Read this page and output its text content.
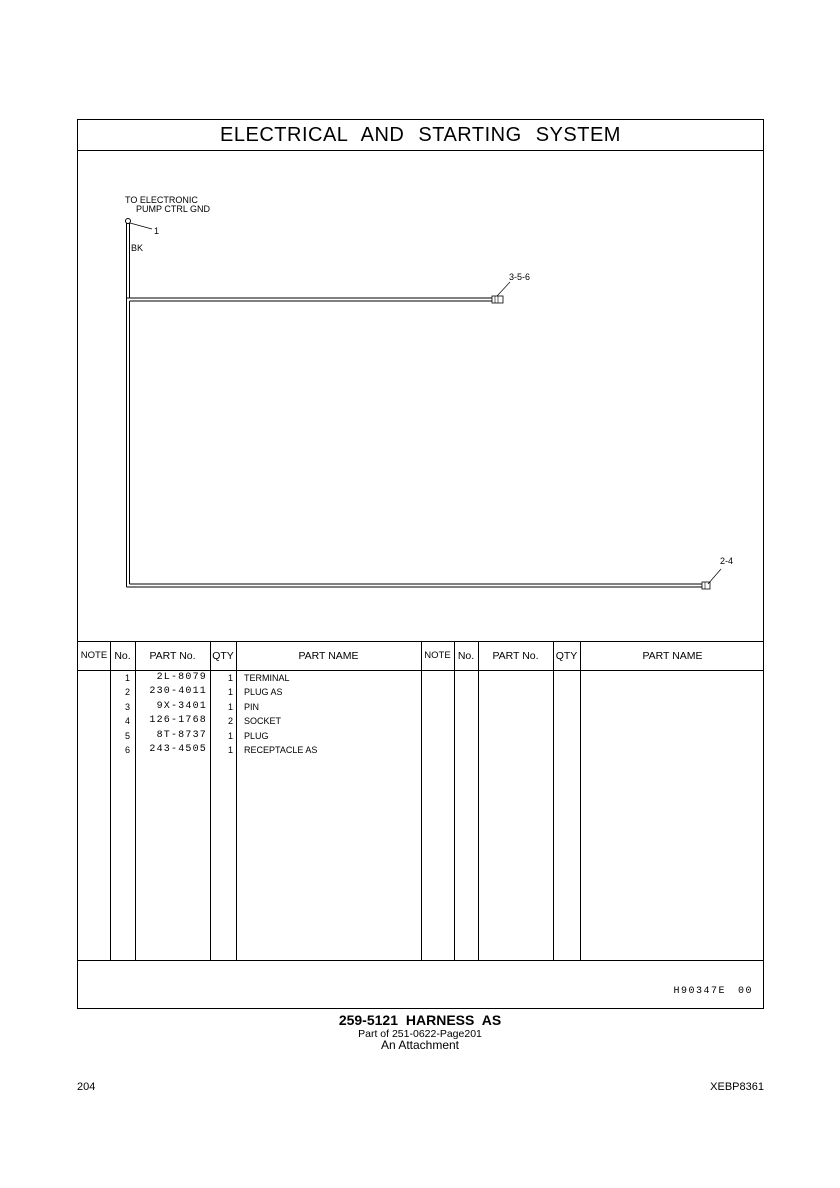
ELECTRICAL AND STARTING SYSTEM
TO ELECTRONIC
PUMP CTRL GND
1
BK
3-5-6
2-4
NOTE No.	PART No.	QTY	PART NAME	NOTE No.	PART No.	QTY	PART NAME
1	2L-8079	1 TERMINAL
2	230-4011	1 PLUG AS
3	9X-3401	1 PIN
4	126-1768	2 SOCKET
5	8T-8737	1 PLUG
6	243-4505	1 RECEPTACLE AS
H90347E 00
259-5121 HARNESS AS
Part of 251-0622-Page201
An Attachment
204	XEBP8361
